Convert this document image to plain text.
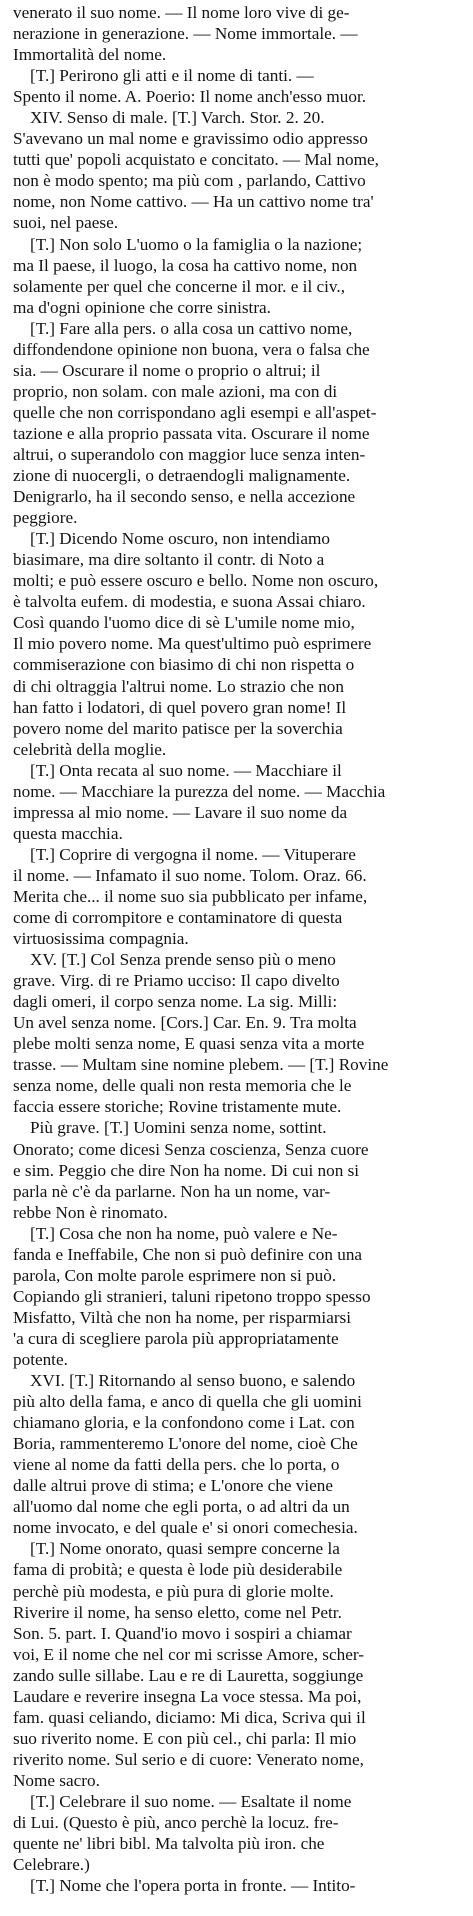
venerato il suo nome. — Il nome loro vive di ge-
nerazione in generazione. — Nome immortale. —
Immortalità del nome.
[T.] Perirono gli atti e il nome di tanti. —
Spento il nome. A. Poerio: Il nome anch'esso muor.
XIV. Senso di male. [T.] Varch. Stor. 2. 20.
S'avevano un mal nome e gravissimo odio appresso
tutti que' popoli acquistato e concitato. — Mal nome,
non è modo spento; ma più com , parlando, Cattivo
nome, non Nome cattivo. — Ha un cattivo nome tra'
suoi, nel paese.
[T.] Non solo L'uomo o la famiglia o la nazione;
ma Il paese, il luogo, la cosa ha cattivo nome, non
solamente per quel che concerne il mor. e il civ.,
ma d'ogni opinione che corre sinistra.
[T.] Fare alla pers. o alla cosa un cattivo nome,
diffondendone opinione non buona, vera o falsa che
sia. — Oscurare il nome o proprio o altrui; il
proprio, non solam. con male azioni, ma con di
quelle che non corrispondano agli esempi e all'aspet-
tazione e alla proprio passata vita. Oscurare il nome
altrui, o superandolo con maggior luce senza inten-
zione di nuocergli, o detraendogli malignamente.
Denigrarlo, ha il secondo senso, e nella accezione
peggiore.
[T.] Dicendo Nome oscuro, non intendiamo
biasimare, ma dire soltanto il contr. di Noto a
molti; e può essere oscuro e bello. Nome non oscuro,
è talvolta eufem. di modestia, e suona Assai chiaro.
Così quando l'uomo dice di sè L'umile nome mio,
Il mio povero nome. Ma quest'ultimo può esprimere
commiserazione con biasimo di chi non rispetta o
di chi oltraggia l'altrui nome. Lo strazio che non
han fatto i lodatori, di quel povero gran nome! Il
povero nome del marito patisce per la soverchia
celebrità della moglie.
[T.] Onta recata al suo nome. — Macchiare il
nome. — Macchiare la purezza del nome. — Macchia
impressa al mio nome. — Lavare il suo nome da
questa macchia.
[T.] Coprire di vergogna il nome. — Vituperare
il nome. — Infamato il suo nome. Tolom. Oraz. 66.
Merita che... il nome suo sia pubblicato per infame,
come di corrompitore e contaminatore di questa
virtuosissima compagnia.
XV. [T.] Col Senza prende senso più o meno
grave. Virg. di re Priamo ucciso: Il capo divelto
dagli omeri, il corpo senza nome. La sig. Milli:
Un avel senza nome. [Cors.] Car. En. 9. Tra molta
plebe molti senza nome, E quasi senza vita a morte
trasse. — Multam sine nomine plebem. — [T.] Rovine
senza nome, delle quali non resta memoria che le
faccia essere storiche; Rovine tristamente mute.
Più grave. [T.] Uomini senza nome, sottint.
Onorato; come dicesi Senza coscienza, Senza cuore
e sim. Peggio che dire Non ha nome. Di cui non si
parla nè c'è da parlarne. Non ha un nome, var-
rebbe Non è rinomato.
[T.] Cosa che non ha nome, può valere e Ne-
fanda e Ineffabile, Che non si può definire con una
parola, Con molte parole esprimere non si può.
Copiando gli stranieri, taluni ripetono troppo spesso
Misfatto, Viltà che non ha nome, per risparmiarsi
'a cura di scegliere parola più appropriatamente
potente.
XVI. [T.] Ritornando al senso buono, e salendo
più alto della fama, e anco di quella che gli uomini
chiamano gloria, e la confondono come i Lat. con
Boria, rammenteremo L'onore del nome, cioè Che
viene al nome da fatti della pers. che lo porta, o
dalle altrui prove di stima; e L'onore che viene
all'uomo dal nome che egli porta, o ad altri da un
nome invocato, e del quale e' si onori comechesia.
[T.] Nome onorato, quasi sempre concerne la
fama di probità; e questa è lode più desiderabile
perchè più modesta, e più pura di glorie molte.
Riverire il nome, ha senso eletto, come nel Petr.
Son. 5. part. I. Quand'io movo i sospiri a chiamar
voi, E il nome che nel cor mi scrisse Amore, scher-
zando sulle sillabe. Lau e re di Lauretta, soggiunge
Laudare e reverire insegna La voce stessa. Ma poi,
fam. quasi celiando, diciamo: Mi dica, Scriva qui il
suo riverito nome. E con più cel., chi parla: Il mio
riverito nome. Sul serio e di cuore: Venerato nome,
Nome sacro.
[T.] Celebrare il suo nome. — Esaltate il nome
di Lui. (Questo è più, anco perchè la locuz. fre-
quente ne' libri bibl. Ma talvolta più iron. che
Celebrare.)
[T.] Nome che l'opera porta in fronte. — Intito-
